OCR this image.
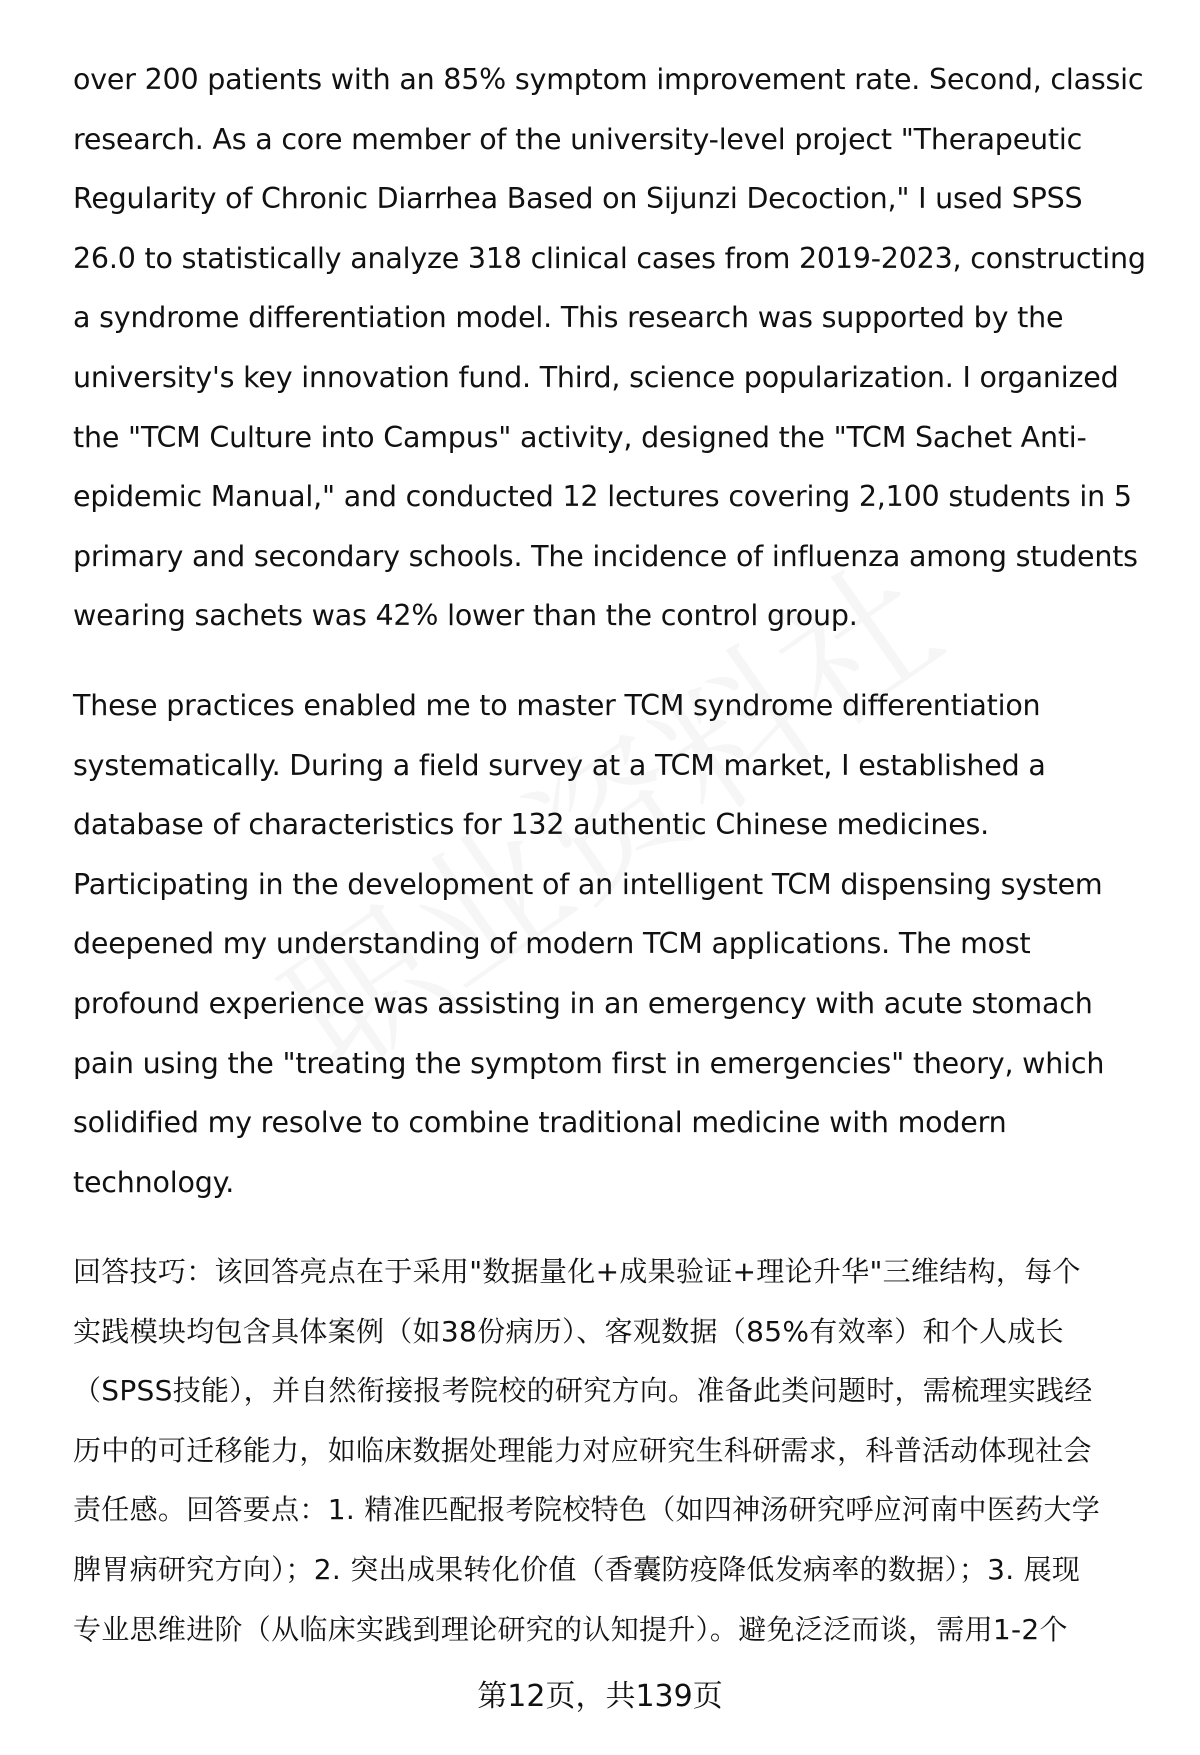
over 200 patients with an 85% symptom improvement rate. Second, classic
research. As a core member of the university-level project "Therapeutic
Regularity of Chronic Diarrhea Based on Sijunzi Decoction," I used SPSS
26.0 to statistically analyze 318 clinical cases from 2019-2023, constructing
a syndrome differentiation model. This research was supported by the
university's key innovation fund. Third, science popularization. I organized
the "TCM Culture into Campus" activity, designed the "TCM Sachet Anti-
epidemic Manual," and conducted 12 lectures covering 2,100 students in 5
primary and secondary schools. The incidence of influenza among students
wearing sachets was 42% lower than the control group.
These practices enabled me to master TCM syndrome differentiation
systematically. During a field survey at a TCM market, I established a
database of characteristics for 132 authentic Chinese medicines.
Participating in the development of an intelligent TCM dispensing system
deepened my understanding of modern TCM applications. The most
profound experience was assisting in an emergency with acute stomach
pain using the "treating the symptom first in emergencies" theory, which
solidified my resolve to combine traditional medicine with modern
technology.
回答技巧：该回答亮点在于采用"数据量化+成果验证+理论升华"三维结构，每个
实践模块均包含具体案例（如38份病历）、客观数据（85%有效率）和个人成长
（SPSS技能），并自然衔接报考院校的研究方向。准备此类问题时，需梳理实践经
历中的可迁移能力，如临床数据处理能力对应研究生科研需求，科普活动体现社会
责任感。回答要点：1. 精准匹配报考院校特色（如四神汤研究呼应河南中医药大学
脾胃病研究方向）；2. 突出成果转化价值（香囊防疫降低发病率的数据）；3. 展现
专业思维进阶（从临床实践到理论研究的认知提升）。避免泛泛而谈，需用1-2个
第12页，共139页
